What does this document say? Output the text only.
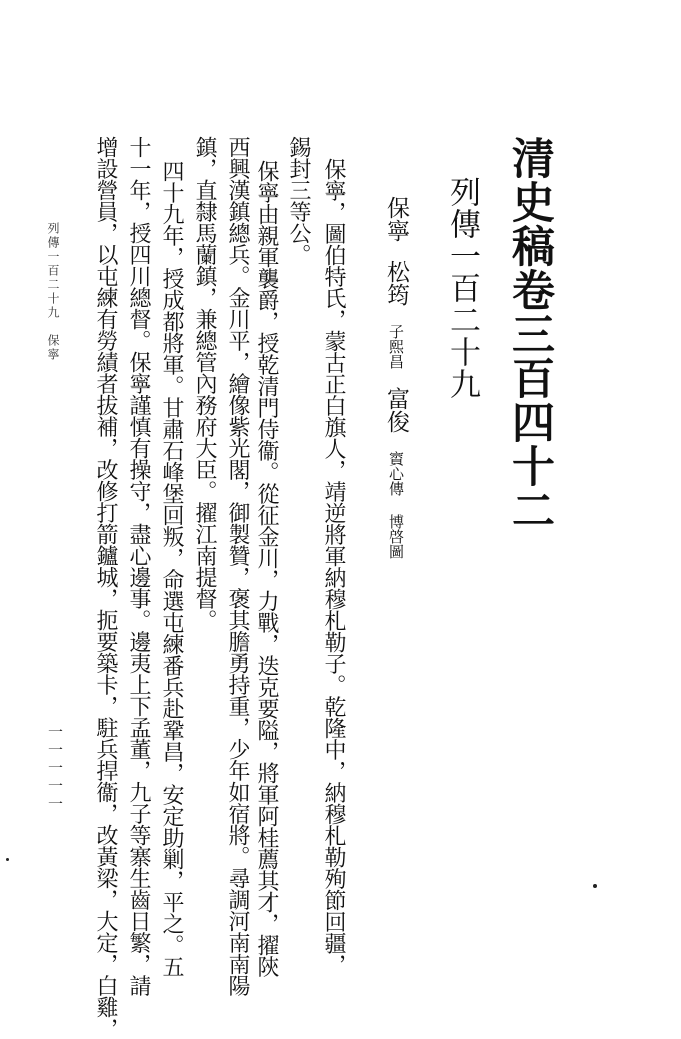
清史稿卷三百四十二
列傳一百二十九
保寧松筠子熙昌富俊賨心傳博啓圖
保寧，圖伯特氏，蒙古正白旗人，靖逆將軍納穆札勒子。乾隆中，納穆札勒殉節回疆，
錫封三等公。
保寧由親軍襲爵，授乾清門侍衞。從征金川，力戰，迭克要隘，將軍阿桂薦其才，擢陝
西興漢鎮總兵。金川平，繪像紫光閣，御製贊，褒其膽勇持重，少年如宿將。尋調河南南陽
鎮，直隸馬蘭鎮，兼總管內務府大臣。擢江南提督。
四十九年，授成都將軍。甘肅石峰堡回叛，命選屯練番兵赴鞏昌，安定助剿，平之。五
十一年，授四川總督。保寧謹慎有操守，盡心邊事。邊夷上下孟董，九子等寨生齒日繁，請
增設營員，以屯練有勞績者拔補，改修打箭鑪城，扼要築卡，駐兵捍衞，改黃梁，大定，白雞，
列傳一百二十九　保寧
一一一一一
